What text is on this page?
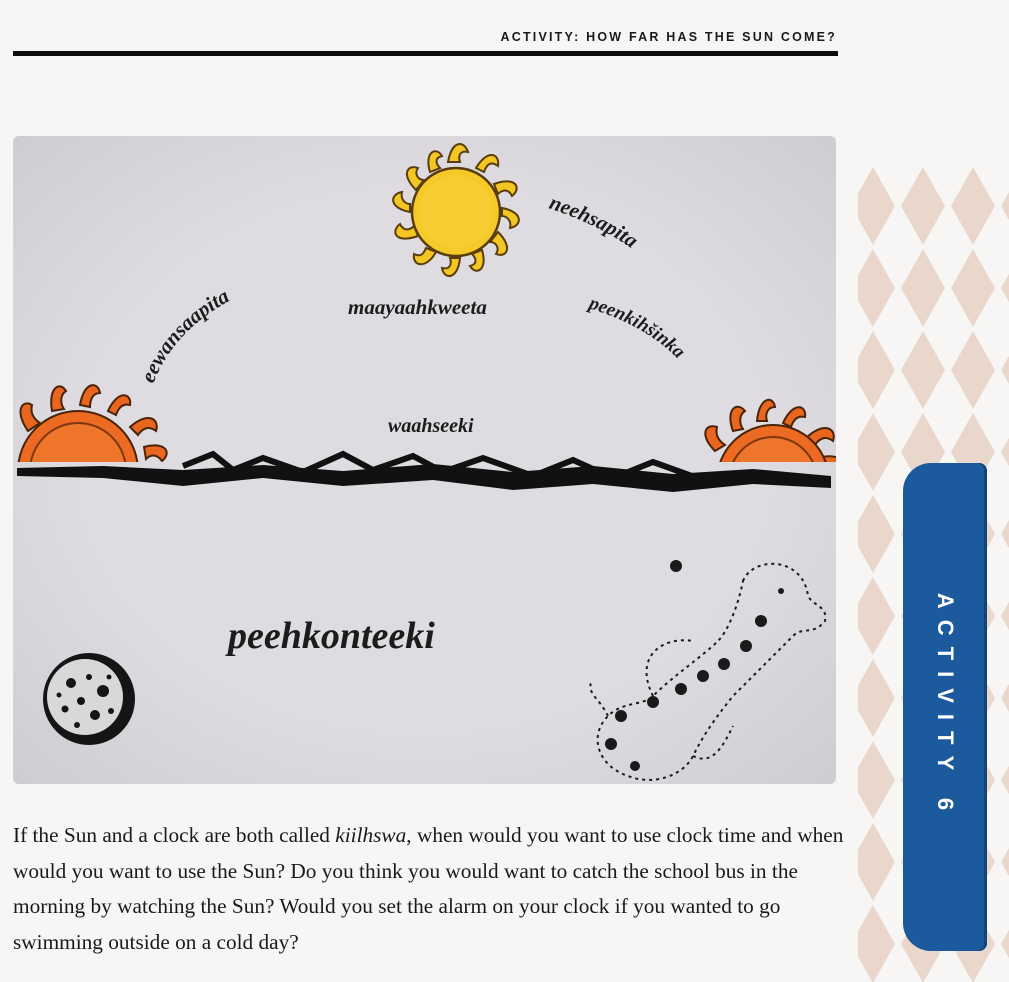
ACTIVITY: HOW FAR HAS THE SUN COME?
eewansaapita
neehsapita
peenkihšinka
maayaahkweeta
waahseeki
peehkonteeki	ACTIVITY 6

If the Sun and a clock are both called kiilhswa, when would you want to use clock time and when would you want to use the Sun? Do you think you would want to catch the school bus in the morning by watching the Sun? Would you set the alarm on your clock if you wanted to go swimming outside on a cold day?
